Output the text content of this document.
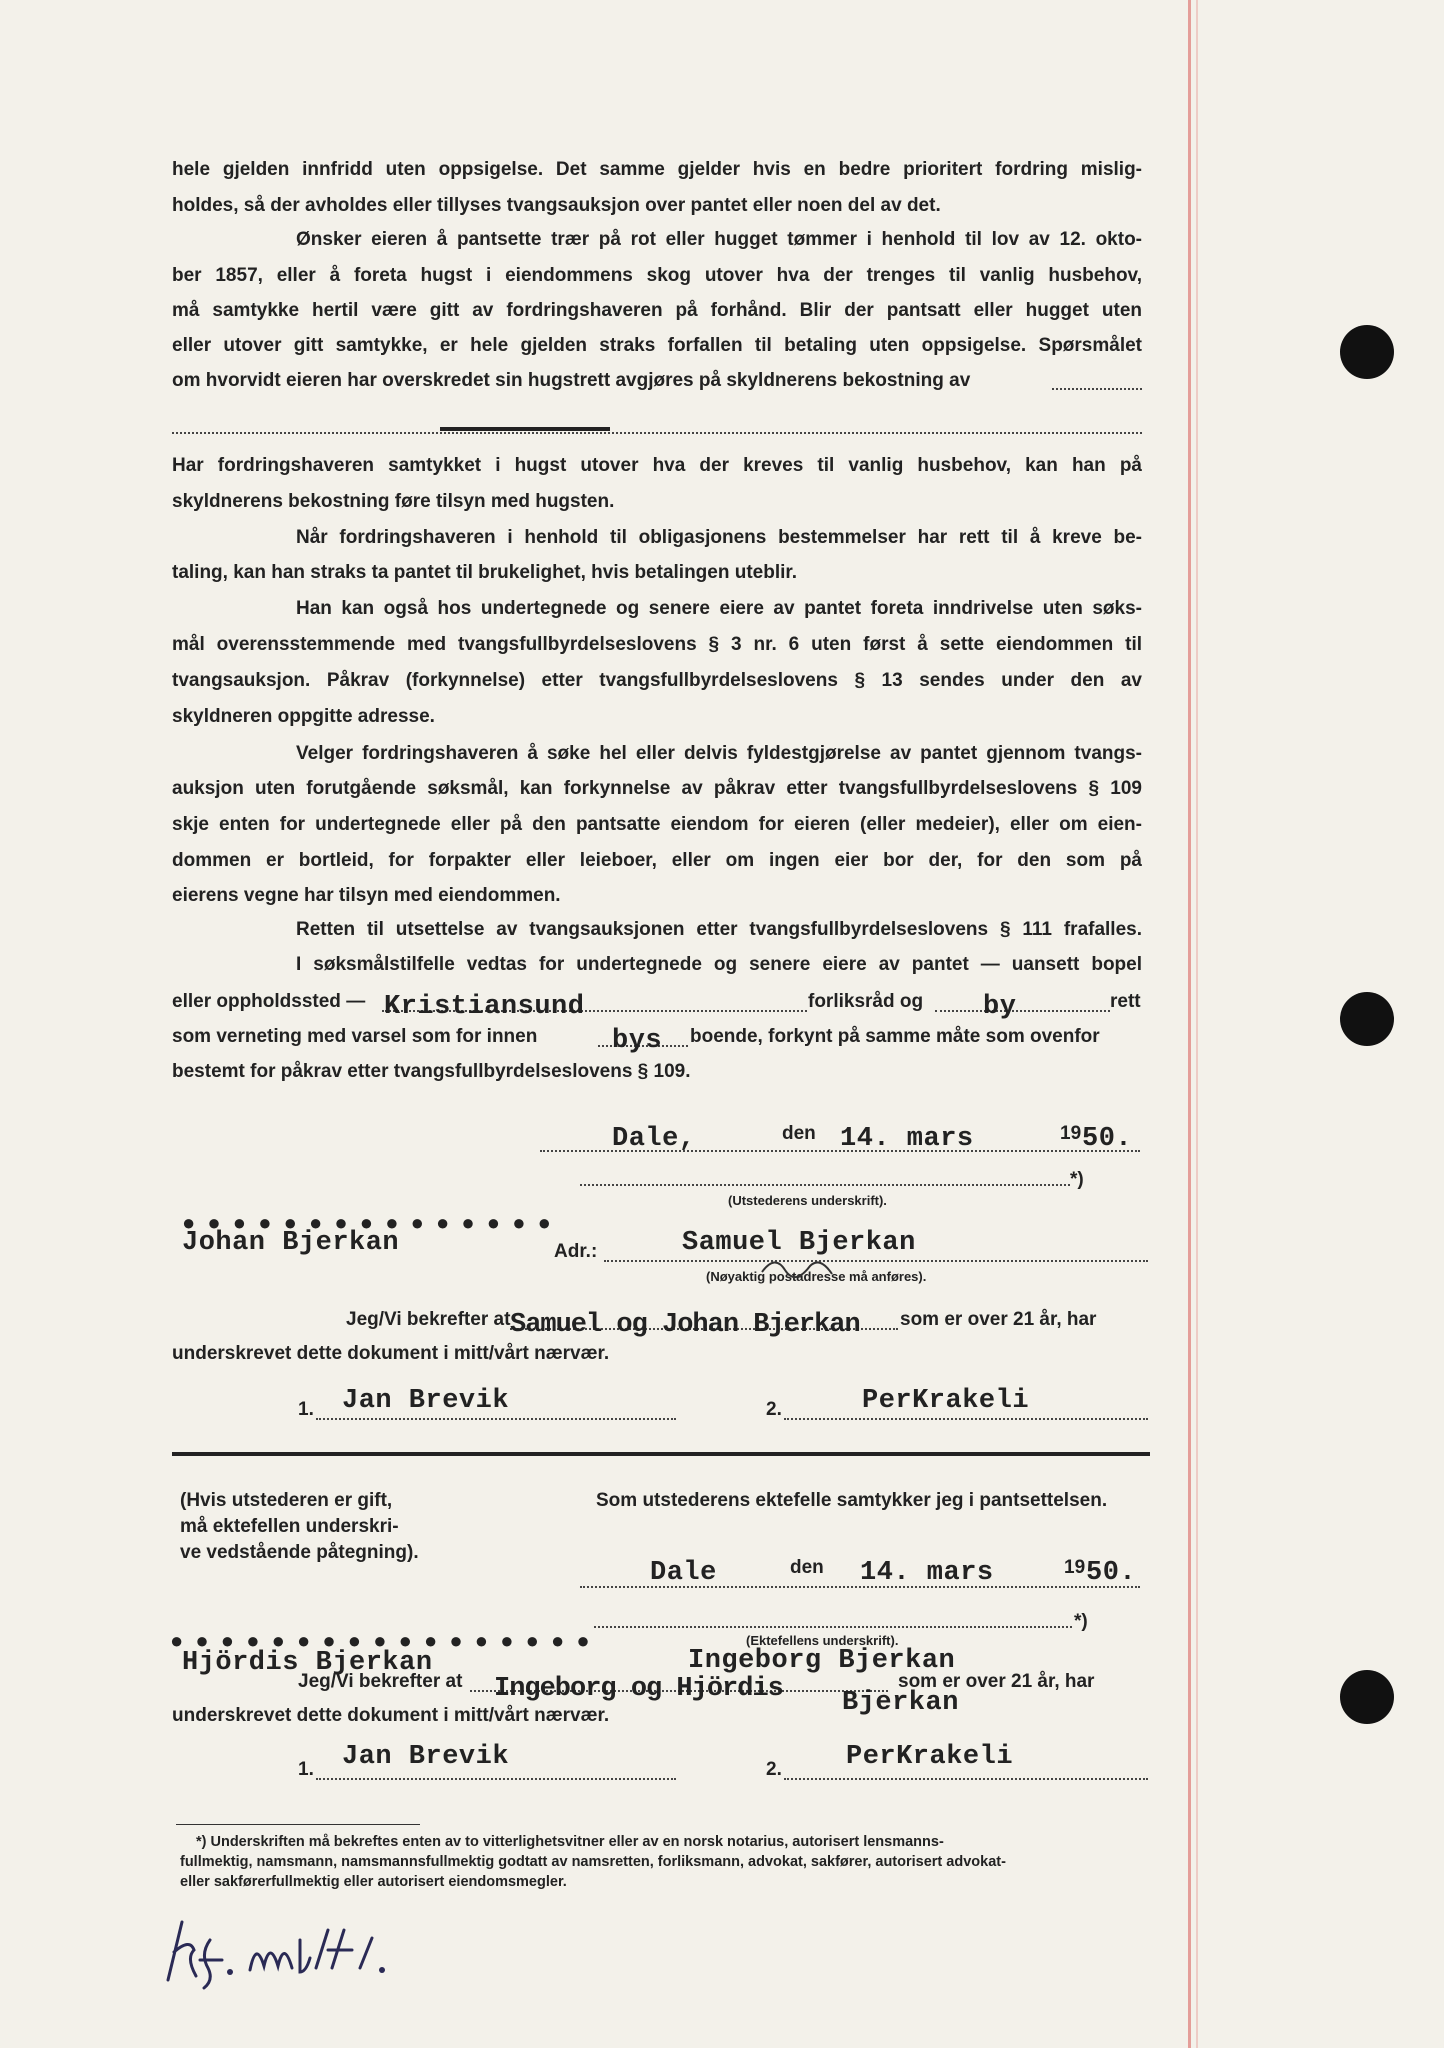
hele gjelden innfridd uten oppsigelse. Det samme gjelder hvis en bedre prioritert fordring mislig-
holdes, så der avholdes eller tillyses tvangsauksjon over pantet eller noen del av det.
Ønsker eieren å pantsette trær på rot eller hugget tømmer i henhold til lov av 12. okto-
ber 1857, eller å foreta hugst i eiendommens skog utover hva der trenges til vanlig husbehov,
må samtykke hertil være gitt av fordringshaveren på forhånd. Blir der pantsatt eller hugget uten
eller utover gitt samtykke, er hele gjelden straks forfallen til betaling uten oppsigelse. Spørsmålet
om hvorvidt eieren har overskredet sin hugstrett avgjøres på skyldnerens bekostning av
Har fordringshaveren samtykket i hugst utover hva der kreves til vanlig husbehov, kan han på
skyldnerens bekostning føre tilsyn med hugsten.
Når fordringshaveren i henhold til obligasjonens bestemmelser har rett til å kreve be-
taling, kan han straks ta pantet til brukelighet, hvis betalingen uteblir.
Han kan også hos undertegnede og senere eiere av pantet foreta inndrivelse uten søks-
mål overensstemmende med tvangsfullbyrdelseslovens § 3 nr. 6 uten først å sette eiendommen til
tvangsauksjon. Påkrav (forkynnelse) etter tvangsfullbyrdelseslovens § 13 sendes under den av
skyldneren oppgitte adresse.
Velger fordringshaveren å søke hel eller delvis fyldestgjørelse av pantet gjennom tvangs-
auksjon uten forutgående søksmål, kan forkynnelse av påkrav etter tvangsfullbyrdelseslovens § 109
skje enten for undertegnede eller på den pantsatte eiendom for eieren (eller medeier), eller om eien-
dommen er bortleid, for forpakter eller leieboer, eller om ingen eier bor der, for den som på
eierens vegne har tilsyn med eiendommen.
Retten til utsettelse av tvangsauksjonen etter tvangsfullbyrdelseslovens § 111 frafalles.
I søksmålstilfelle vedtas for undertegnede og senere eiere av pantet — uansett bopel
eller oppholdssted — Kristiansund	forliksråd og by	rett
som verneting med varsel som for innen	bys boende, forkynt på samme måte som ovenfor
bestemt for påkrav etter tvangsfullbyrdelseslovens § 109.
Dale,	den 14. mars	19 50.
*)
(Utstederens underskrift).
● ● ● ● ● ● ● ● ● ● ● ● ● ● ●
Johan Bjerkan	Adr.:	Samuel Bjerkan
(Nøyaktig postadresse må anføres).
Jeg/Vi bekrefter at Samuel og Johan Bjerkan som er over 21 år, har
underskrevet dette dokument i mitt/vårt nærvær.
1. Jan Brevik	2.	PerKrakeli
(Hvis utstederen er gift,
må ektefellen underskri-
ve vedstående påtegning).
Som utstederens ektefelle samtykker jeg i pantsettelsen.
Dale	den 14. mars	19 50.
*)
(Ektefellens underskrift).
● ● ● ● ● ● ● ● ● ● ● ● ● ● ● ● ●
Hjördis Bjerkan	Ingeborg Bjerkan
Jeg/Vi bekrefter at Ingeborg og Hjördis	som er over 21 år, har
underskrevet dette dokument i mitt/vårt nærvær.	Bjerkan
1. Jan Brevik	2. PerKrakeli
*) Underskriften må bekreftes enten av to vitterlighetsvitner eller av en norsk notarius, autorisert lensmanns-
fullmektig, namsmann, namsmannsfullmektig godtatt av namsretten, forliksmann, advokat, sakfører, autorisert advokat-
eller sakførerfullmektig eller autorisert eiendomsmegler.
